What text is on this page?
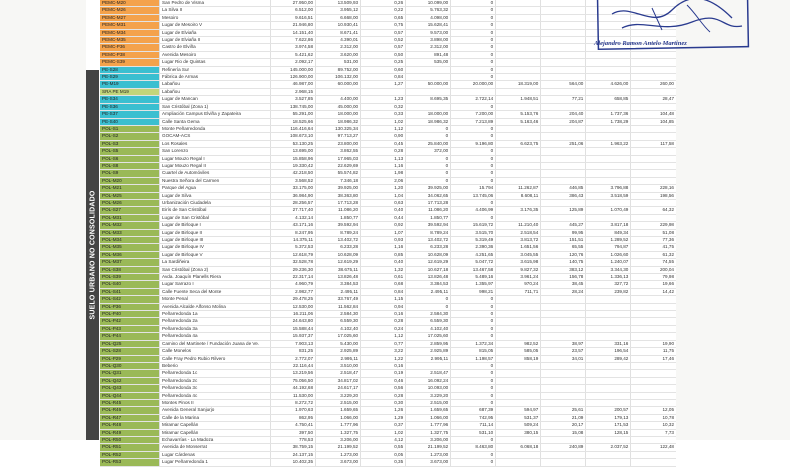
SUELO URBANO NO CONSOLIDADO
PEMC-M20	San Pedro de Visma	27.950,00	13.509,93	0,26	10.099,00	0				
PEMC-M26	La Silva II	6.512,00	3.955,12	0,22	5.763,32	0				
PEMC-M27	Mesoiro	9.616,51	6.668,00	0,65	4.098,00	0				
PEMC-M31	Lugar de Mesoiro V	21.946,80	10.930,41	0,75	15.628,41	0				
PEMC-M34	Lugar de Elviaña	14.151,40	8.671,41	0,57	9.573,00	0				
PEMC-M35	Lugar de Elviaña II	7.622,86	4.390,01	0,52	3.898,00	0				
PEMC-P36	Castro de Elviña	3.974,58	2.312,00	0,57	2.312,00	0				
PEMC-P38	Avenida Mesoiro	5.421,62	3.620,00	0,50	891,48	0				
PEMC-S39	Lugar Rio de Quintas	2.092,17	531,00	0,25	535,00	0				
PE-S28	Refinería Sur	145.000,00	89.752,00	0,60		0				
PE-S29	Fábrica de Armas	126.900,00	106.132,00	0,84		0				
PE-M19	Labañou	46.987,00	60.000,00	1,27	50.000,00	20.000,00	18.319,00	564,00	4.626,00	260,00
SRA PE M19	Labañou	2.968,15								
PE-S34	Lugar de Mancan	3.527,85	4.400,00	1,23	8.695,35	2.722,14	1.948,51	77,21	658,85	28,47
PE-S36	San Cristóbal (Zona 1)	138.745,00	45.000,00	0,32		0				
PE-S37	Ampliación Campus Elviña y Zapateira	55.291,00	18.000,00	0,33	18.000,00	7.200,00	5.153,76	204,40	1.737,36	104,48
PE-S40	Calle Santa Gema	18.525,66	18.986,32	1,02	18.986,32	7.213,89	5.163,46	204,87	1.738,29	104,85
POL-S1	Monte Peñarredonda	116.416,64	130.325,34	1,12	0	0				
POL-S2	GOCAM-ACS	108.673,10	97.713,27	0,90	0	0				
POL-S3	Los Rosales	53.130,25	23.800,00	0,45	25.840,00	9.196,80	6.623,75	251,06	1.963,22	117,58
POL-S5	San Lorenzo	13.695,00	3.862,55	0,28	372,00	0				
POL-S6	Lugar Mouzo Regal I	15.858,96	17.965,03	1,13	0	0				
POL-S8	Lugar Mouzo Regal II	19.330,42	22.629,69	1,16	0	0				
POL-S9	Cuartel de Automóviles	42.218,50	55.574,82	1,98	0	0				
POL-M20	Nuestra Señora del Carmen	3.568,52	7.346,18	2,06	0	0				
POL-M21	Parque del Agua	33.175,00	39.925,00	1,20	39.925,00	15.794	11.262,87	446,85	3.796,88	228,16
POL-M25	Lugar de Silva	36.984,90	38.363,80	1,04	34.062,65	13.745,06	8.608,11	386,43	3.518,59	198,56
POL-M26	Urbanización Ciudadela	28.256,57	17.713,28	0,63	17.713,28	0				
POL-S27	Eirís de San Cristóbal	27.717,40	11.086,20	0,40	11.086,20	4.406,99	3.176,35	125,89	1.070,49	64,32
POL-M31	Lugar de San Cristóbal	4.132,14	1.850,77	0,44	1.850,77	0				
POL-M32	Lugar de Birloque I	43.171,16	39.592,94	0,92	39.592,94	15.619,72	11.210,40	445,27	3.817,18	229,98
POL-M33	Lugar de Birloque II	8.247,95	8.789,24	1,07	8.789,24	3.515,70	2.518,54	99,95	849,34	51,08
POL-M34	Lugar de Birloque III	14.375,11	13.402,72	0,93	13.402,72	5.319,49	3.813,72	151,51	1.289,52	77,36
POL-M35	Lugar de Birloque IV	5.372,53	6.233,28	1,16	6.233,28	2.390,36	1.651,56	65,55	794,87	41,75
POL-M36	Lugar de Birloque V	12.618,79	10.628,09	0,85	10.628,09	4.251,65	3.045,55	120,76	1.026,60	61,32
POL-M37	La Sardiñeira	32.528,78	12.619,29	0,40	12.619,29	5.047,72	3.615,98	140,75	1.240,07	74,55
POL-S38	San Cristóbal (Zona 2)	29.236,30	38.675,11	1,32	10.627,18	13.467,58	9.827,32	383,12	3.344,30	200,04
POL-S39	Avda. Joaquín Planells Riera	22.317,14	13.826,48	0,61	13.826,48	5.489,16	3.961,24	156,78	1.336,13	79,98
POL-S40	Lugar Sarrazo I	4.960,79	3.384,53	0,68	3.384,53	1.355,97	970,24	38,45	327,72	19,66
POL-S41	Calle Fuente Seca del Monte	2.982,77	2.495,11	0,84	2.495,11	998,21	711,71	28,24	239,82	14,42
POL-S42	Monte Penal	29.478,25	33.767,49	1,15	0	0				
POL-P36	Avenida Alcalde Alfonso Molina	12.530,00	11.562,84	0,94	0	0				
POL-P40	Peñarredonda 1a	16.211,06	2.584,30	0,16	2.584,30	0				
POL-P42	Peñarredonda 2a	24.643,80	6.559,30	0,28	6.559,30	0				
POL-P43	Peñarredonda 3a	15.588,44	4.102,40	0,24	4.102,40	0				
POL-P44	Peñarredonda 4a	15.937,37	17.025,60	1,12	17.025,60	0				
POL-Q25	Camino del Martinete / Fundación Juana de Ve.	7.903,13	5.430,00	0,77	2.859,95	1.372,34	982,52	38,97	331,16	19,90
POL-S28	Calle Monelos	831,25	2.925,89	3,22	2.925,89	815,05	585,05	23,57	196,54	11,75
POL-P29	Calle Fray Pedro Rubio Rilvero	2.772,07	2.995,11	1,22	2.995,11	1.198,57	858,19	34,01	289,42	17,46
POL-Q30	Beberio	22.116,44	3.510,00	0,16		0				
POL-Q31	Peñarredonda 1c	13.219,56	2.518,47	0,19	2.518,47	0				
POL-Q42	Peñarredonda 2c	75.056,50	34.817,02	0,46	16.092,24	0				
POL-Q43	Peñarredonda 3c	44.192,68	24.617,17	0,56	10.093,00	0				
POL-Q44	Peñarredonda 4c	11.530,00	3.229,20	0,28	3.229,20	0				
POL-R45	Montes Pinos II	8.272,72	2.515,00	0,30	2.515,00	0				
POL-R46	Avenida General Sanjurjo	1.970,63	1.659,65	1,26	1.659,65	687,39	594,97	25,61	200,57	12,05
POL-R47	Calle de la Marina	862,95	1.066,00	1,29	1.066,00	742,95	531,37	21,09	179,13	10,78
POL-R48	Miramar Capellán	4.750,41	1.777,96	0,37	1.777,96	711,14	509,24	20,17	171,53	10,32
POL-R49	Miramar Capellán	397,50	1.327,75	1,02	1.327,75	531,10	380,15	15,08	128,15	7,73
POL-R50	Echavarrías - La Madoza	778,53	3.206,00	4,12	3.206,00	0				
POL-R51	Avenida de Monserrat	38.759,15	21.199,52	0,55	21.199,52	8.463,80	6.068,18	240,89	2.037,52	122,48
POL-R52	Lugar Cárdenas	24.137,15	1.273,00	0,05	1.273,00	0				
POL-R53	Lugar Peñarredonda 1	10.402,35	3.673,00	0,35	3.673,00	0				
Alejandro Ramon Antelo Martinez
